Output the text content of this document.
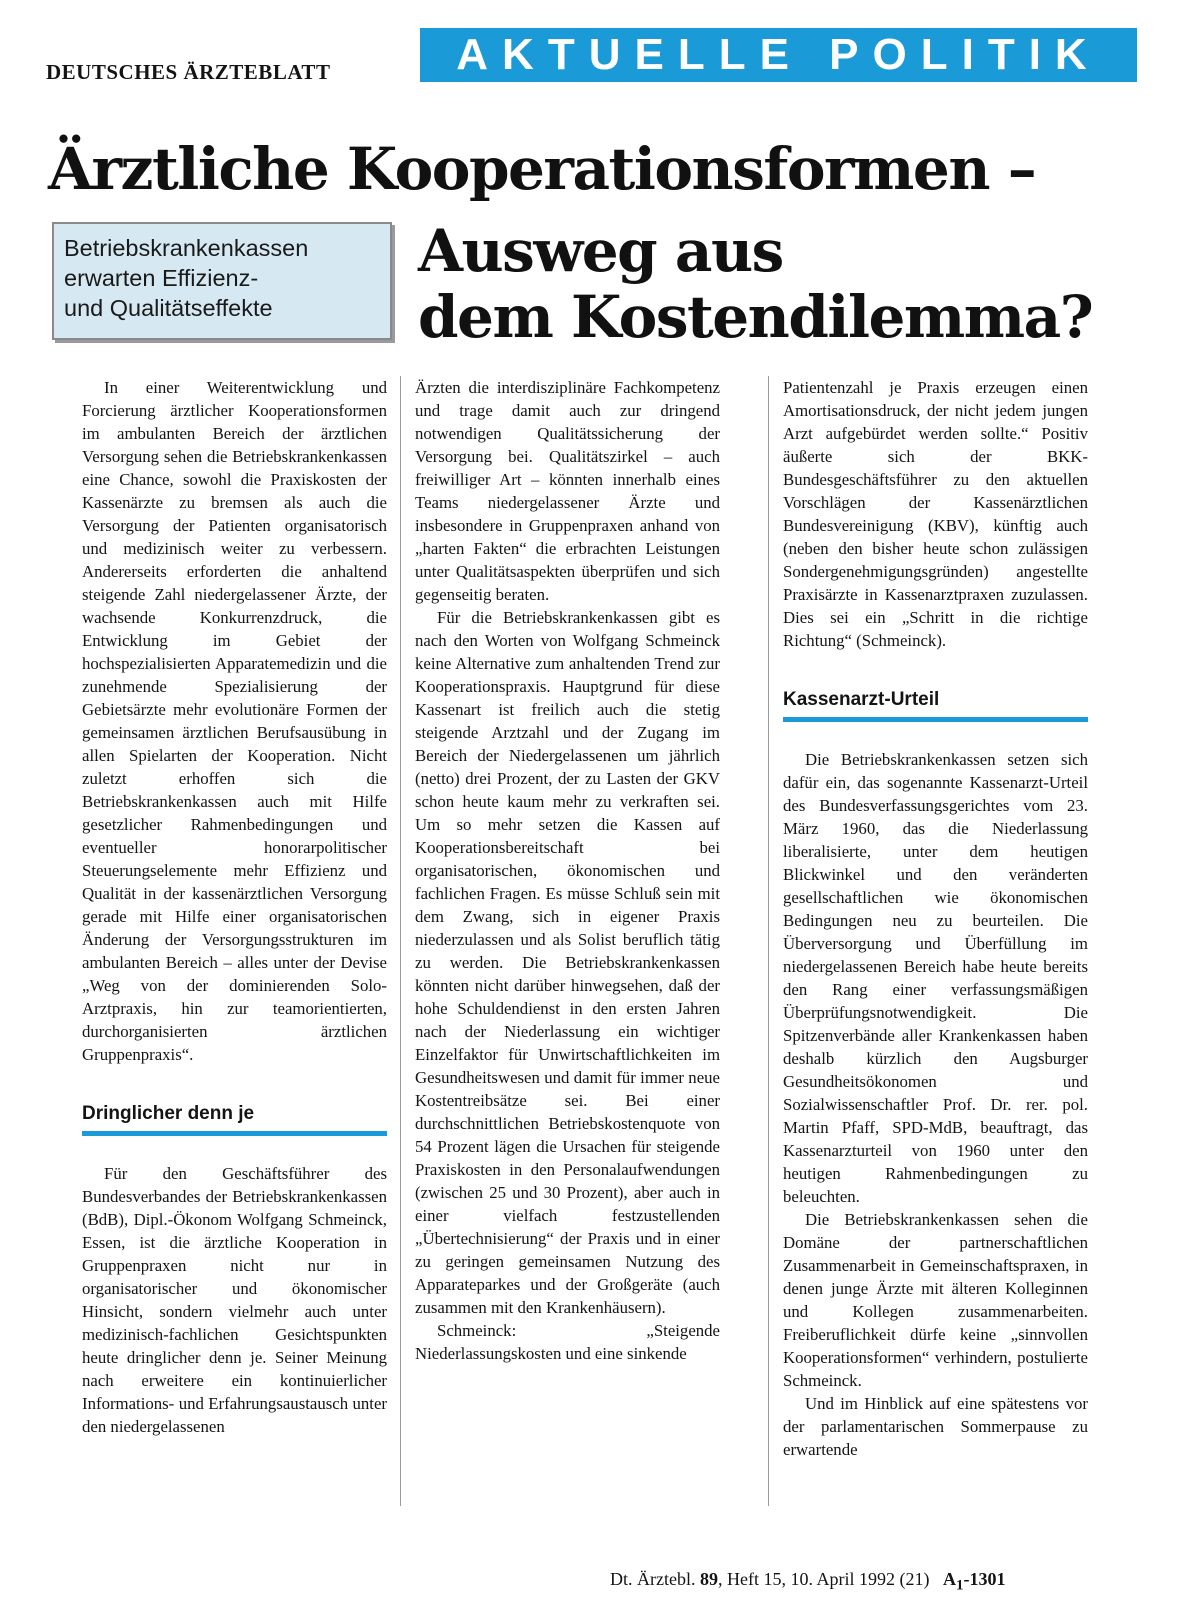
DEUTSCHES ÄRZTEBLATT	AKTUELLE POLITIK
Ärztliche Kooperationsformen –
Ausweg aus
dem Kostendilemma?
Betriebskrankenkassen
erwarten Effizienz-
und Qualitätseffekte

In einer Weiterentwicklung und Forcierung ärztlicher Kooperationsformen im ambulanten Bereich der ärztlichen Versorgung sehen die Betriebskrankenkassen eine Chance, sowohl die Praxiskosten der Kassenärzte zu bremsen als auch die Versorgung der Patienten organisatorisch und medizinisch weiter zu verbessern. Andererseits erforderten die anhaltend steigende Zahl niedergelassener Ärzte, der wachsende Konkurrenzdruck, die Entwicklung im Gebiet der hochspezialisierten Apparatemedizin und die zunehmende Spezialisierung der Gebietsärzte mehr evolutionäre Formen der gemeinsamen ärztlichen Berufsausübung in allen Spielarten der Kooperation. Nicht zuletzt erhoffen sich die Betriebskrankenkassen auch mit Hilfe gesetzlicher Rahmenbedingungen und eventueller honorarpolitischer Steuerungselemente mehr Effizienz und Qualität in der kassenärztlichen Versorgung gerade mit Hilfe einer organisatorischen Änderung der Versorgungsstrukturen im ambulanten Bereich – alles unter der Devise „Weg von der dominierenden Solo-Arztpraxis, hin zur teamorientierten, durchorganisierten ärztlichen Gruppenpraxis“.

Dringlicher denn je

Für den Geschäftsführer des Bundesverbandes der Betriebskrankenkassen (BdB), Dipl.-Ökonom Wolfgang Schmeinck, Essen, ist die ärztliche Kooperation in Gruppenpraxen nicht nur in organisatorischer und ökonomischer Hinsicht, sondern vielmehr auch unter medizinisch-fachlichen Gesichtspunkten heute dringlicher denn je. Seiner Meinung nach erweitere ein kontinuierlicher Informations- und Erfahrungsaustausch unter den niedergelassenen

Ärzten die interdisziplinäre Fachkompetenz und trage damit auch zur dringend notwendigen Qualitätssicherung der Versorgung bei. Qualitätszirkel – auch freiwilliger Art – könnten innerhalb eines Teams niedergelassener Ärzte und insbesondere in Gruppenpraxen anhand von „harten Fakten“ die erbrachten Leistungen unter Qualitätsaspekten überprüfen und sich gegenseitig beraten.

Für die Betriebskrankenkassen gibt es nach den Worten von Wolfgang Schmeinck keine Alternative zum anhaltenden Trend zur Kooperationspraxis. Hauptgrund für diese Kassenart ist freilich auch die stetig steigende Arztzahl und der Zugang im Bereich der Niedergelassenen um jährlich (netto) drei Prozent, der zu Lasten der GKV schon heute kaum mehr zu verkraften sei. Um so mehr setzen die Kassen auf Kooperationsbereitschaft bei organisatorischen, ökonomischen und fachlichen Fragen. Es müsse Schluß sein mit dem Zwang, sich in eigener Praxis niederzulassen und als Solist beruflich tätig zu werden. Die Betriebskrankenkassen könnten nicht darüber hinwegsehen, daß der hohe Schuldendienst in den ersten Jahren nach der Niederlassung ein wichtiger Einzelfaktor für Unwirtschaftlichkeiten im Gesundheitswesen und damit für immer neue Kostentreibsätze sei. Bei einer durchschnittlichen Betriebskostenquote von 54 Prozent lägen die Ursachen für steigende Praxiskosten in den Personalaufwendungen (zwischen 25 und 30 Prozent), aber auch in einer vielfach festzustellenden „Übertechnisierung“ der Praxis und in einer zu geringen gemeinsamen Nutzung des Apparateparkes und der Großgeräte (auch zusammen mit den Krankenhäusern).

Schmeinck: „Steigende Niederlassungskosten und eine sinkende

Patientenzahl je Praxis erzeugen einen Amortisationsdruck, der nicht jedem jungen Arzt aufgebürdet werden sollte.“ Positiv äußerte sich der BKK-Bundesgeschäftsführer zu den aktuellen Vorschlägen der Kassenärztlichen Bundesvereinigung (KBV), künftig auch (neben den bisher heute schon zulässigen Sondergenehmigungsgründen) angestellte Praxisärzte in Kassenarztpraxen zuzulassen. Dies sei ein „Schritt in die richtige Richtung“ (Schmeinck).

Kassenarzt-Urteil

Die Betriebskrankenkassen setzen sich dafür ein, das sogenannte Kassenarzt-Urteil des Bundesverfassungsgerichtes vom 23. März 1960, das die Niederlassung liberalisierte, unter dem heutigen Blickwinkel und den veränderten gesellschaftlichen wie ökonomischen Bedingungen neu zu beurteilen. Die Überversorgung und Überfüllung im niedergelassenen Bereich habe heute bereits den Rang einer verfassungsmäßigen Überprüfungsnotwendigkeit. Die Spitzenverbände aller Krankenkassen haben deshalb kürzlich den Augsburger Gesundheitsökonomen und Sozialwissenschaftler Prof. Dr. rer. pol. Martin Pfaff, SPD-MdB, beauftragt, das Kassenarzturteil von 1960 unter den heutigen Rahmenbedingungen zu beleuchten.

Die Betriebskrankenkassen sehen die Domäne der partnerschaftlichen Zusammenarbeit in Gemeinschaftspraxen, in denen junge Ärzte mit älteren Kolleginnen und Kollegen zusammenarbeiten. Freiberuflichkeit dürfe keine „sinnvollen Kooperationsformen“ verhindern, postulierte Schmeinck.

Und im Hinblick auf eine spätestens vor der parlamentarischen Sommerpause zu erwartende

Dt. Ärztebl. 89, Heft 15, 10. April 1992 (21) $A_1-1301$
